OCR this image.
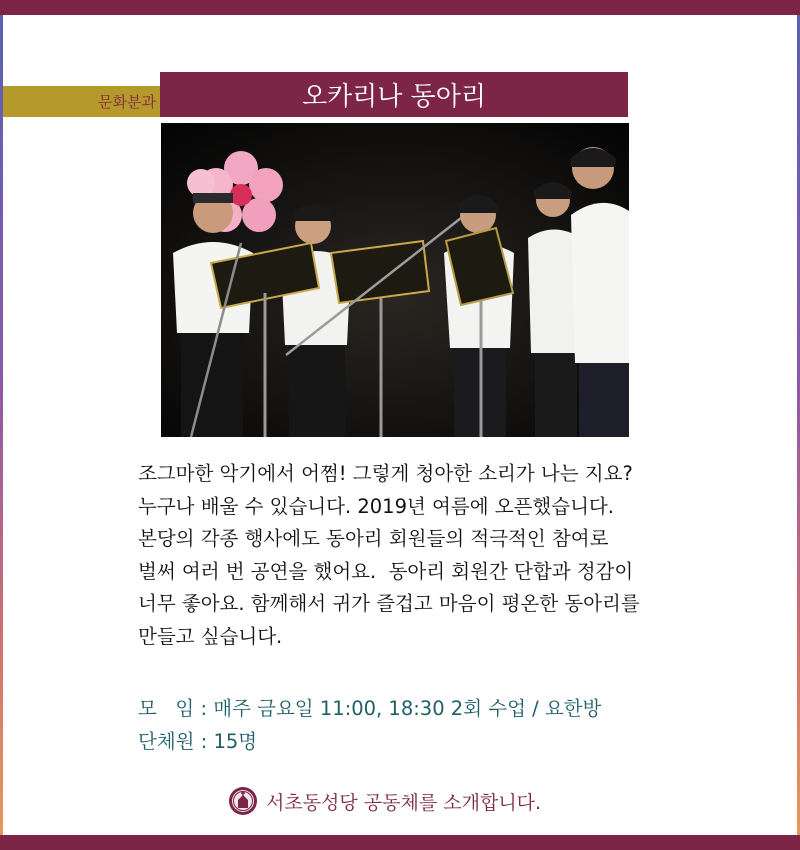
문화분과	오카리나 동아리
조그마한 악기에서 어쩜! 그렇게 청아한 소리가 나는 지요?
누구나 배울 수 있습니다. 2019년 여름에 오픈했습니다.
본당의 각종 행사에도 동아리 회원들의 적극적인 참여로
벌써 여러 번 공연을 했어요.  동아리 회원간 단합과 정감이
너무 좋아요. 함께해서 귀가 즐겁고 마음이 평온한 동아리를
만들고 싶습니다.
모   임 : 매주 금요일 11:00, 18:30 2회 수업 / 요한방
단체원 : 15명
서초동성당 공동체를 소개합니다.
